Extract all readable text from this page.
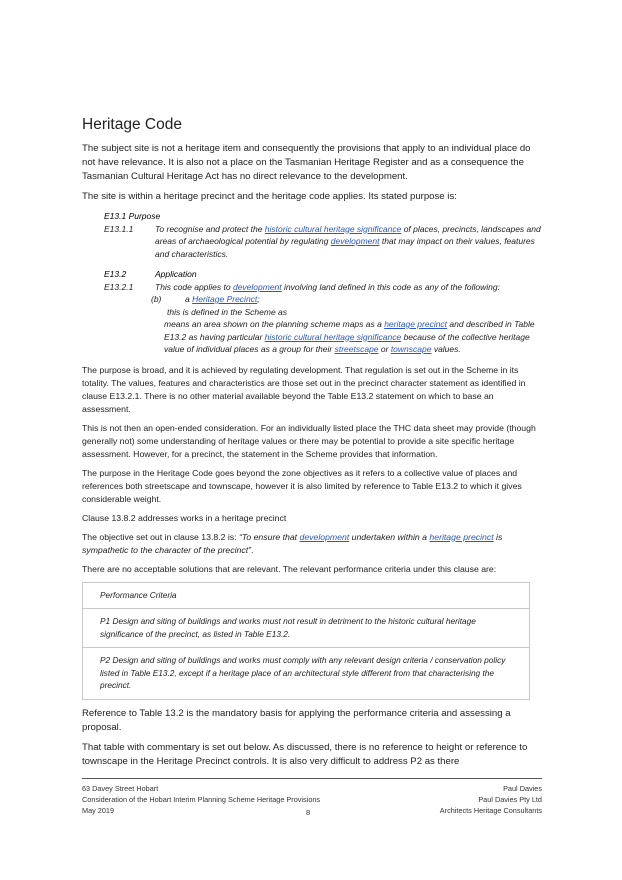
Heritage Code

The subject site is not a heritage item and consequently the provisions that apply to an individual place do not have relevance. It is also not a place on the Tasmanian Heritage Register and as a consequence the Tasmanian Cultural Heritage Act has no direct relevance to the development.

The site is within a heritage precinct and the heritage code applies. Its stated purpose is:

E13.1 Purpose
E13.1.1	To recognise and protect the historic cultural heritage significance of places, precincts, landscapes and areas of archaeological potential by regulating development that may impact on their values, features and characteristics.
E13.2	Application
E13.2.1	This code applies to development involving land defined in this code as any of the following:
(b)	a Heritage Precinct;
this is defined in the Scheme as
means an area shown on the planning scheme maps as a heritage precinct and described in Table E13.2 as having particular historic cultural heritage significance because of the collective heritage value of individual places as a group for their streetscape or townscape values.

The purpose is broad, and it is achieved by regulating development. That regulation is set out in the Scheme in its totality. The values, features and characteristics are those set out in the precinct character statement as identified in clause E13.2.1. There is no other material available beyond the Table E13.2 statement on which to base an assessment.

This is not then an open-ended consideration. For an individually listed place the THC data sheet may provide (though generally not) some understanding of heritage values or there may be potential to provide a site specific heritage assessment. However, for a precinct, the statement in the Scheme provides that information.

The purpose in the Heritage Code goes beyond the zone objectives as it refers to a collective value of places and references both streetscape and townscape, however it is also limited by reference to Table E13.2 to which it gives considerable weight.

Clause 13.8.2 addresses works in a heritage precinct

The objective set out in clause 13.8.2 is: “To ensure that development undertaken within a heritage precinct is sympathetic to the character of the precinct”.

There are no acceptable solutions that are relevant. The relevant performance criteria under this clause are:

Performance Criteria
P1 Design and siting of buildings and works must not result in detriment to the historic cultural heritage significance of the precinct, as listed in Table E13.2.
P2 Design and siting of buildings and works must comply with any relevant design criteria / conservation policy listed in Table E13.2, except if a heritage place of an architectural style different from that characterising the precinct.

Reference to Table 13.2 is the mandatory basis for applying the performance criteria and assessing a proposal.

That table with commentary is set out below. As discussed, there is no reference to height or reference to townscape in the Heritage Precinct controls. It is also very difficult to address P2 as there

63 Davey Street Hobart
Consideration of the Hobart Interim Planning Scheme Heritage Provisions
May 2019
Paul Davies
Paul Davies Pty Ltd
Architects Heritage Consultants
8
